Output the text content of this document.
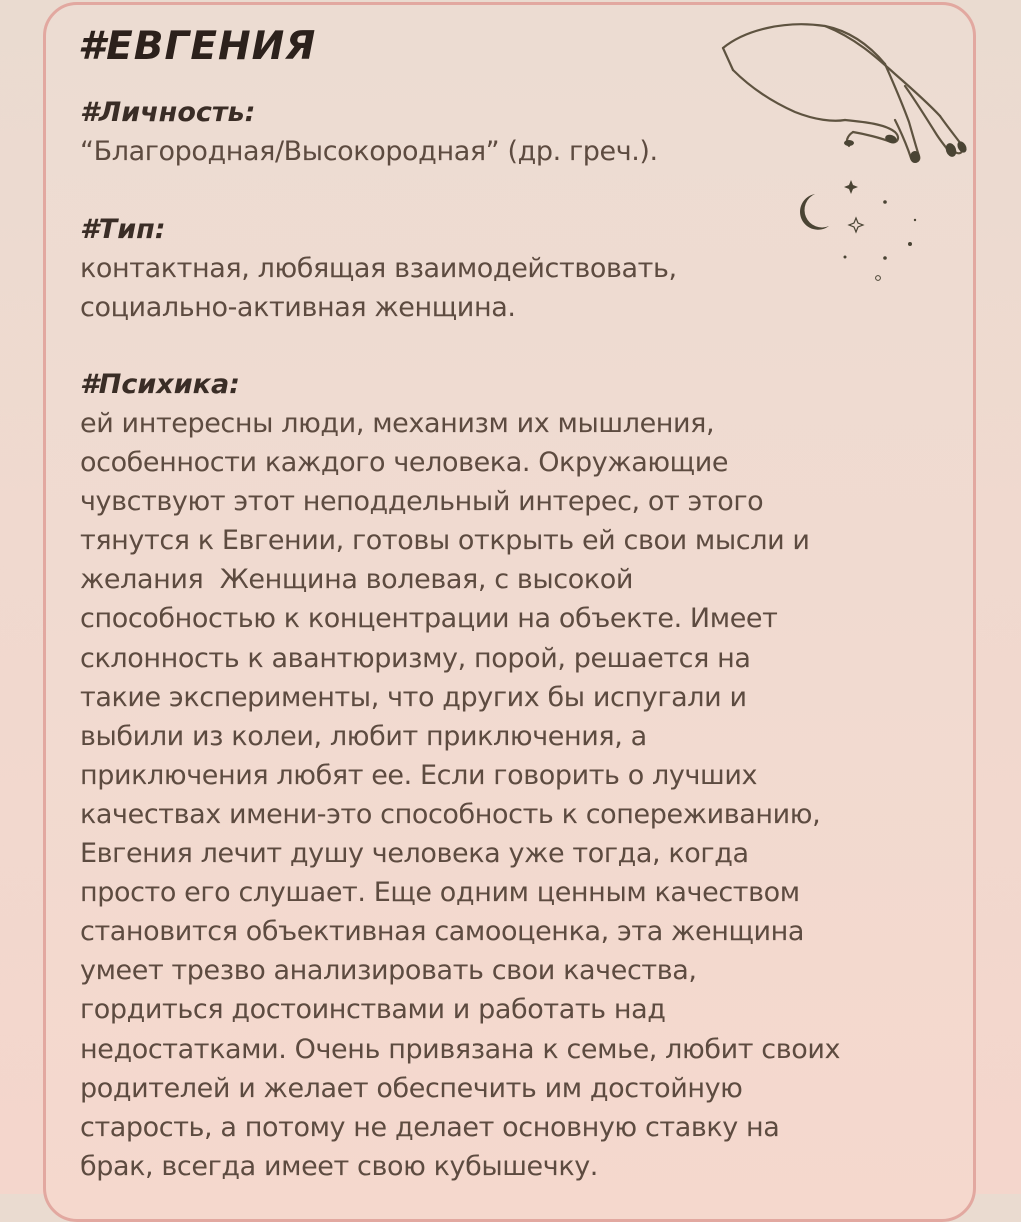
#ЕВГЕНИЯ

#Личность:

“Благородная/Высокородная” (др. греч.).

#Тип:

контактная, любящая взаимодействовать,

социально-активная женщина.

#Психика:

ей интересны люди, механизм их мышления,

особенности каждого человека. Окружающие

чувствуют этот неподдельный интерес, от этого

тянутся к Евгении, готовы открыть ей свои мысли и

желания  Женщина волевая, с высокой

способностью к концентрации на объекте. Имеет

склонность к авантюризму, порой, решается на

такие эксперименты, что других бы испугали и

выбили из колеи, любит приключения, а

приключения любят ее. Если говорить о лучших

качествах имени-это способность к сопереживанию,

Евгения лечит душу человека уже тогда, когда

просто его слушает. Еще одним ценным качеством

становится объективная самооценка, эта женщина

умеет трезво анализировать свои качества,

гордиться достоинствами и работать над

недостатками. Очень привязана к семье, любит своих

родителей и желает обеспечить им достойную

старость, а потому не делает основную ставку на

брак, всегда имеет свою кубышечку.
